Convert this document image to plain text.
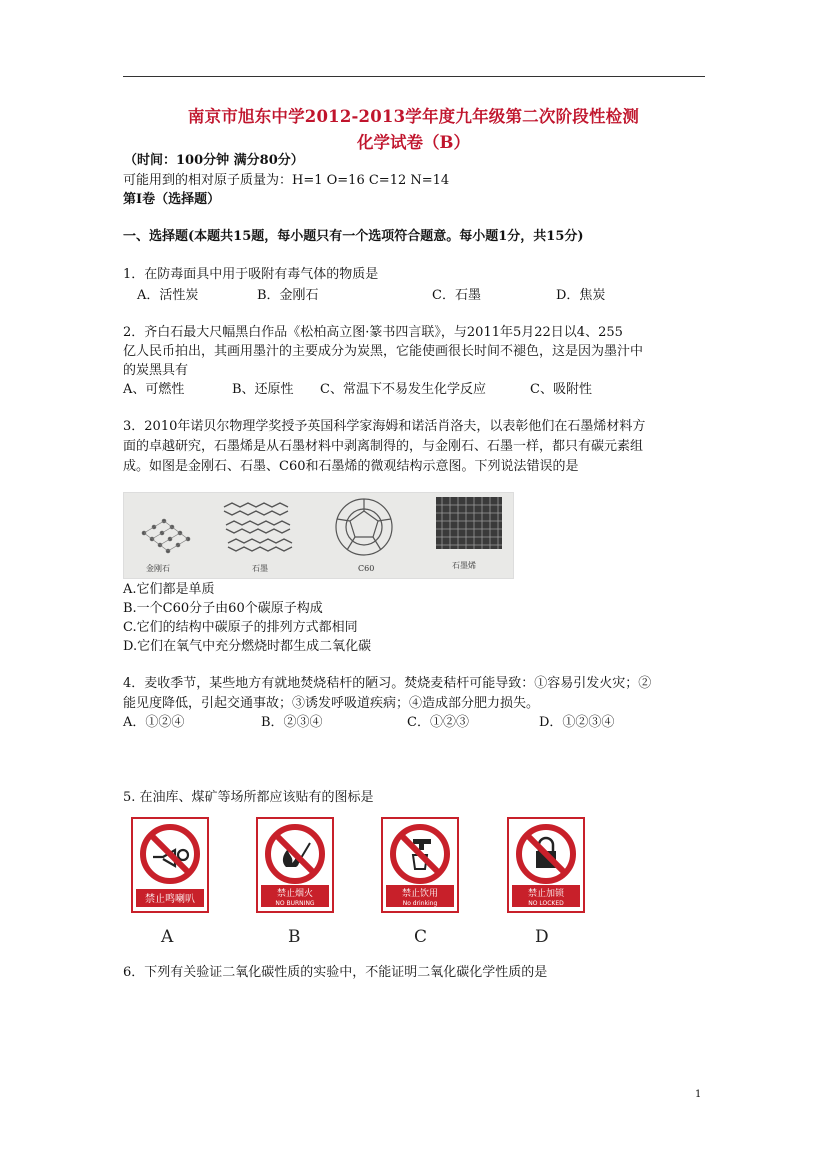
南京市旭东中学2012-2013学年度九年级第二次阶段性检测
化学试卷（B）
（时间：100分钟 满分80分）
可能用到的相对原子质量为：H=1 O=16 C=12 N=14
第Ⅰ卷（选择题）
一、选择题(本题共15题，每小题只有一个选项符合题意。每小题1分，共15分)
1．在防毒面具中用于吸附有毒气体的物质是
A．活性炭	B．金刚石	C．石墨	D．焦炭
2．齐白石最大尺幅黑白作品《松柏高立图·篆书四言联》，与2011年5月22日以4、255
亿人民币拍出，其画用墨汁的主要成分为炭黑，它能使画很长时间不褪色，这是因为墨汁中
的炭黑具有
A、可燃性	B、还原性 C、常温下不易发生化学反应	C、吸附性
3．2010年诺贝尔物理学奖授予英国科学家海姆和诺活肖洛夫，以表彰他们在石墨烯材料方
面的卓越研究，石墨烯是从石墨材料中剥离制得的，与金刚石、石墨一样，都只有碳元素组
成。如图是金刚石、石墨、C60和石墨烯的微观结构示意图。下列说法错误的是
金刚石	石墨	C60	石墨烯
A.它们都是单质
B.一个C60分子由60个碳原子构成
C.它们的结构中碳原子的排列方式都相同
D.它们在氧气中充分燃烧时都生成二氧化碳
4．麦收季节，某些地方有就地焚烧秸杆的陋习。焚烧麦秸杆可能导致：①容易引发火灾；②
能见度降低，引起交通事故；③诱发呼吸道疾病；④造成部分肥力损失。
A．①②④	B．②③④	C．①②③	D．①②③④
5. 在油库、煤矿等场所都应该贴有的图标是
禁止鸣喇叭	禁止烟火
NO BURNING
禁止饮用
No drinking
禁止加锁
NO LOCKED
A	B	C	D
6．下列有关验证二氧化碳性质的实验中，不能证明二氧化碳化学性质的是
1
